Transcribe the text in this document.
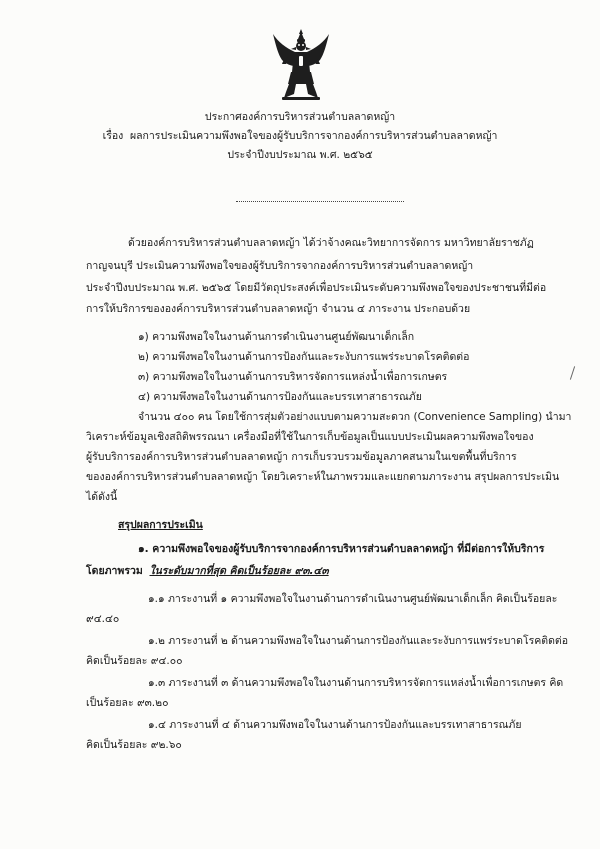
ประกาศองค์การบริหารส่วนตำบลลาดหญ้า
เรื่อง ผลการประเมินความพึงพอใจของผู้รับบริการจากองค์การบริหารส่วนตำบลลาดหญ้า
ประจำปีงบประมาณ พ.ศ. ๒๕๖๕
ด้วยองค์การบริหารส่วนตำบลลาดหญ้า ได้ว่าจ้างคณะวิทยาการจัดการ มหาวิทยาลัยราชภัฏ
กาญจนบุรี ประเมินความพึงพอใจของผู้รับบริการจากองค์การบริหารส่วนตำบลลาดหญ้า
ประจำปีงบประมาณ พ.ศ. ๒๕๖๕ โดยมีวัตถุประสงค์เพื่อประเมินระดับความพึงพอใจของประชาชนที่มีต่อ
การให้บริการขององค์การบริหารส่วนตำบลลาดหญ้า จำนวน ๔ ภาระงาน ประกอบด้วย
๑) ความพึงพอใจในงานด้านการดำเนินงานศูนย์พัฒนาเด็กเล็ก
๒) ความพึงพอใจในงานด้านการป้องกันและระงับการแพร่ระบาดโรคติดต่อ
๓) ความพึงพอใจในงานด้านการบริหารจัดการแหล่งน้ำเพื่อการเกษตร
๔) ความพึงพอใจในงานด้านการป้องกันและบรรเทาสาธารณภัย
จำนวน ๔๐๐ คน โดยใช้การสุ่มตัวอย่างแบบตามความสะดวก (Convenience Sampling) นำมา
วิเคราะห์ข้อมูลเชิงสถิติพรรณนา เครื่องมือที่ใช้ในการเก็บข้อมูลเป็นแบบประเมินผลความพึงพอใจของ
ผู้รับบริการองค์การบริหารส่วนตำบลลาดหญ้า การเก็บรวบรวมข้อมูลภาคสนามในเขตพื้นที่บริการ
ขององค์การบริหารส่วนตำบลลาดหญ้า โดยวิเคราะห์ในภาพรวมและแยกตามภาระงาน สรุปผลการประเมิน
ได้ดังนี้
สรุปผลการประเมิน
๑. ความพึงพอใจของผู้รับบริการจากองค์การบริหารส่วนตำบลลาดหญ้า ที่มีต่อการให้บริการ
โดยภาพรวม ในระดับมากที่สุด คิดเป็นร้อยละ ๙๓.๔๓
๑.๑ ภาระงานที่ ๑ ความพึงพอใจในงานด้านการดำเนินงานศูนย์พัฒนาเด็กเล็ก คิดเป็นร้อยละ
๙๔.๔๐
๑.๒ ภาระงานที่ ๒ ด้านความพึงพอใจในงานด้านการป้องกันและระงับการแพร่ระบาดโรคติดต่อ
คิดเป็นร้อยละ ๙๔.๐๐
๑.๓ ภาระงานที่ ๓ ด้านความพึงพอใจในงานด้านการบริหารจัดการแหล่งน้ำเพื่อการเกษตร คิด
เป็นร้อยละ ๙๓.๒๐
๑.๔ ภาระงานที่ ๔ ด้านความพึงพอใจในงานด้านการป้องกันและบรรเทาสาธารณภัย
คิดเป็นร้อยละ ๙๒.๖๐
